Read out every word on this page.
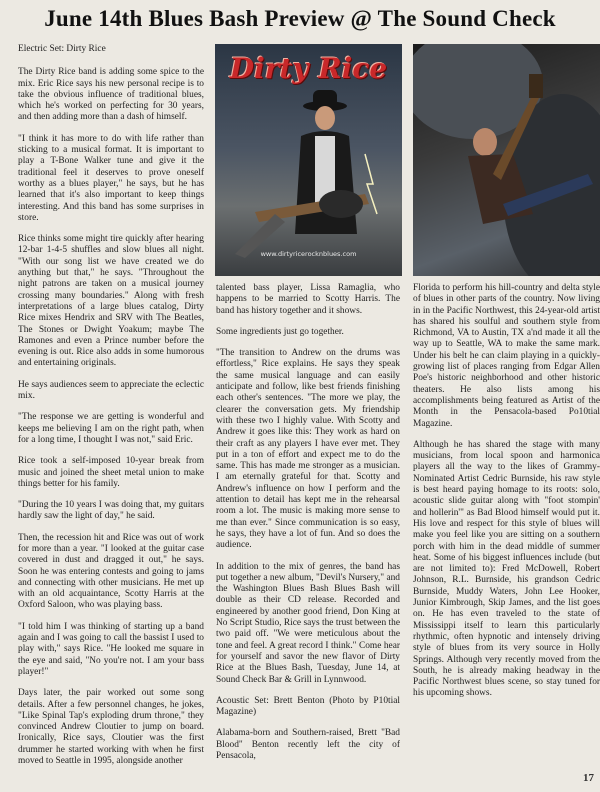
June 14th Blues Bash Preview @ The Sound Check

Electric Set: Dirty Rice

The Dirty Rice band is adding some spice to the mix. Eric Rice says his new personal recipe is to take the obvious influence of traditional blues, which he's worked on perfecting for 30 years, and then adding more than a dash of himself.

"I think it has more to do with life rather than sticking to a musical format. It is important to play a T-Bone Walker tune and give it the traditional feel it deserves to prove oneself worthy as a blues player," he says, but he has learned that it's also important to keep things interesting. And this band has some surprises in store.

Rice thinks some might tire quickly after hearing 12-bar 1-4-5 shuffles and slow blues all night. "With our song list we have created we do anything but that," he says. "Throughout the night patrons are taken on a musical journey crossing many boundaries." Along with fresh interpretations of a large blues catalog, Dirty Rice mixes Hendrix and SRV with The Beatles, The Stones or Dwight Yoakum; maybe The Ramones and even a Prince number before the evening is out. Rice also adds in some humorous and entertaining originals.

He says audiences seem to appreciate the eclectic mix.

"The response we are getting is wonderful and keeps me believing I am on the right path, when for a long time, I thought I was not," said Eric.

Rice took a self-imposed 10-year break from music and joined the sheet metal union to make things better for his family.

"During the 10 years I was doing that, my guitars hardly saw the light of day," he said.

Then, the recession hit and Rice was out of work for more than a year. "I looked at the guitar case covered in dust and dragged it out," he says. Soon he was entering contests and going to jams and connecting with other musicians. He met up with an old acquaintance, Scotty Harris at the Oxford Saloon, who was playing bass.

"I told him I was thinking of starting up a band again and I was going to call the bassist I used to play with," says Rice. "He looked me square in the eye and said, "No you're not. I am your bass player!"

Days later, the pair worked out some song details. After a few personnel changes, he jokes, "Like Spinal Tap's exploding drum throne," they convinced Andrew Cloutier to jump on board. Ironically, Rice says, Cloutier was the first drummer he started working with when he first moved to Seattle in 1995, alongside another

Dirty Rice
www.dirtyricerocknblues.com

talented bass player, Lissa Ramaglia, who happens to be married to Scotty Harris. The band has history together and it shows.

Some ingredients just go together.

"The transition to Andrew on the drums was effortless," Rice explains. He says they speak the same musical language and can easily anticipate and follow, like best friends finishing each other's sentences. "The more we play, the clearer the conversation gets. My friendship with these two I highly value. With Scotty and Andrew it goes like this: They work as hard on their craft as any players I have ever met. They put in a ton of effort and expect me to do the same. This has made me stronger as a musician. I am eternally grateful for that. Scotty and Andrew's influence on how I perform and the attention to detail has kept me in the rehearsal room a lot. The music is making more sense to me than ever." Since communication is so easy, he says, they have a lot of fun. And so does the audience.

In addition to the mix of genres, the band has put together a new album, "Devil's Nursery," and the Washington Blues Bash Blues Bash will double as their CD release. Recorded and engineered by another good friend, Don King at No Script Studio, Rice says the trust between the two paid off. "We were meticulous about the tone and feel. A great record I think." Come hear for yourself and savor the new flavor of Dirty Rice at the Blues Bash, Tuesday, June 14, at Sound Check Bar & Grill in Lynnwood.

Acoustic Set: Brett Benton (Photo by P10tial Magazine)

Alabama-born and Southern-raised, Brett "Bad Blood" Benton recently left the city of Pensacola,

Florida to perform his hill-country and delta style of blues in other parts of the country. Now living in in the Pacific Northwest, this 24-year-old artist has shared his soulful and southern style from Richmond, VA to Austin, TX a'nd made it all the way up to Seattle, WA to make the same mark. Under his belt he can claim playing in a quickly-growing list of places ranging from Edgar Allen Poe's historic neighborhood and other historic theaters. He also lists among his accomplishments being featured as Artist of the Month in the Pensacola-based Po10tial Magazine.

Although he has shared the stage with many musicians, from local spoon and harmonica players all the way to the likes of Grammy-Nominated Artist Cedric Burnside, his raw style is best heard paying homage to its roots: solo, acoustic slide guitar along with "foot stompin' and hollerin'" as Bad Blood himself would put it. His love and respect for this style of blues will make you feel like you are sitting on a southern porch with him in the dead middle of summer heat. Some of his biggest influences include (but are not limited to): Fred McDowell, Robert Johnson, R.L. Burnside, his grandson Cedric Burnside, Muddy Waters, John Lee Hooker, Junior Kimbrough, Skip James, and the list goes on. He has even traveled to the state of Mississippi itself to learn this particularly rhythmic, often hypnotic and intensely driving style of blues from its very source in Holly Springs. Although very recently moved from the South, he is already making headway in the Pacific Northwest blues scene, so stay tuned for his upcoming shows.

17
